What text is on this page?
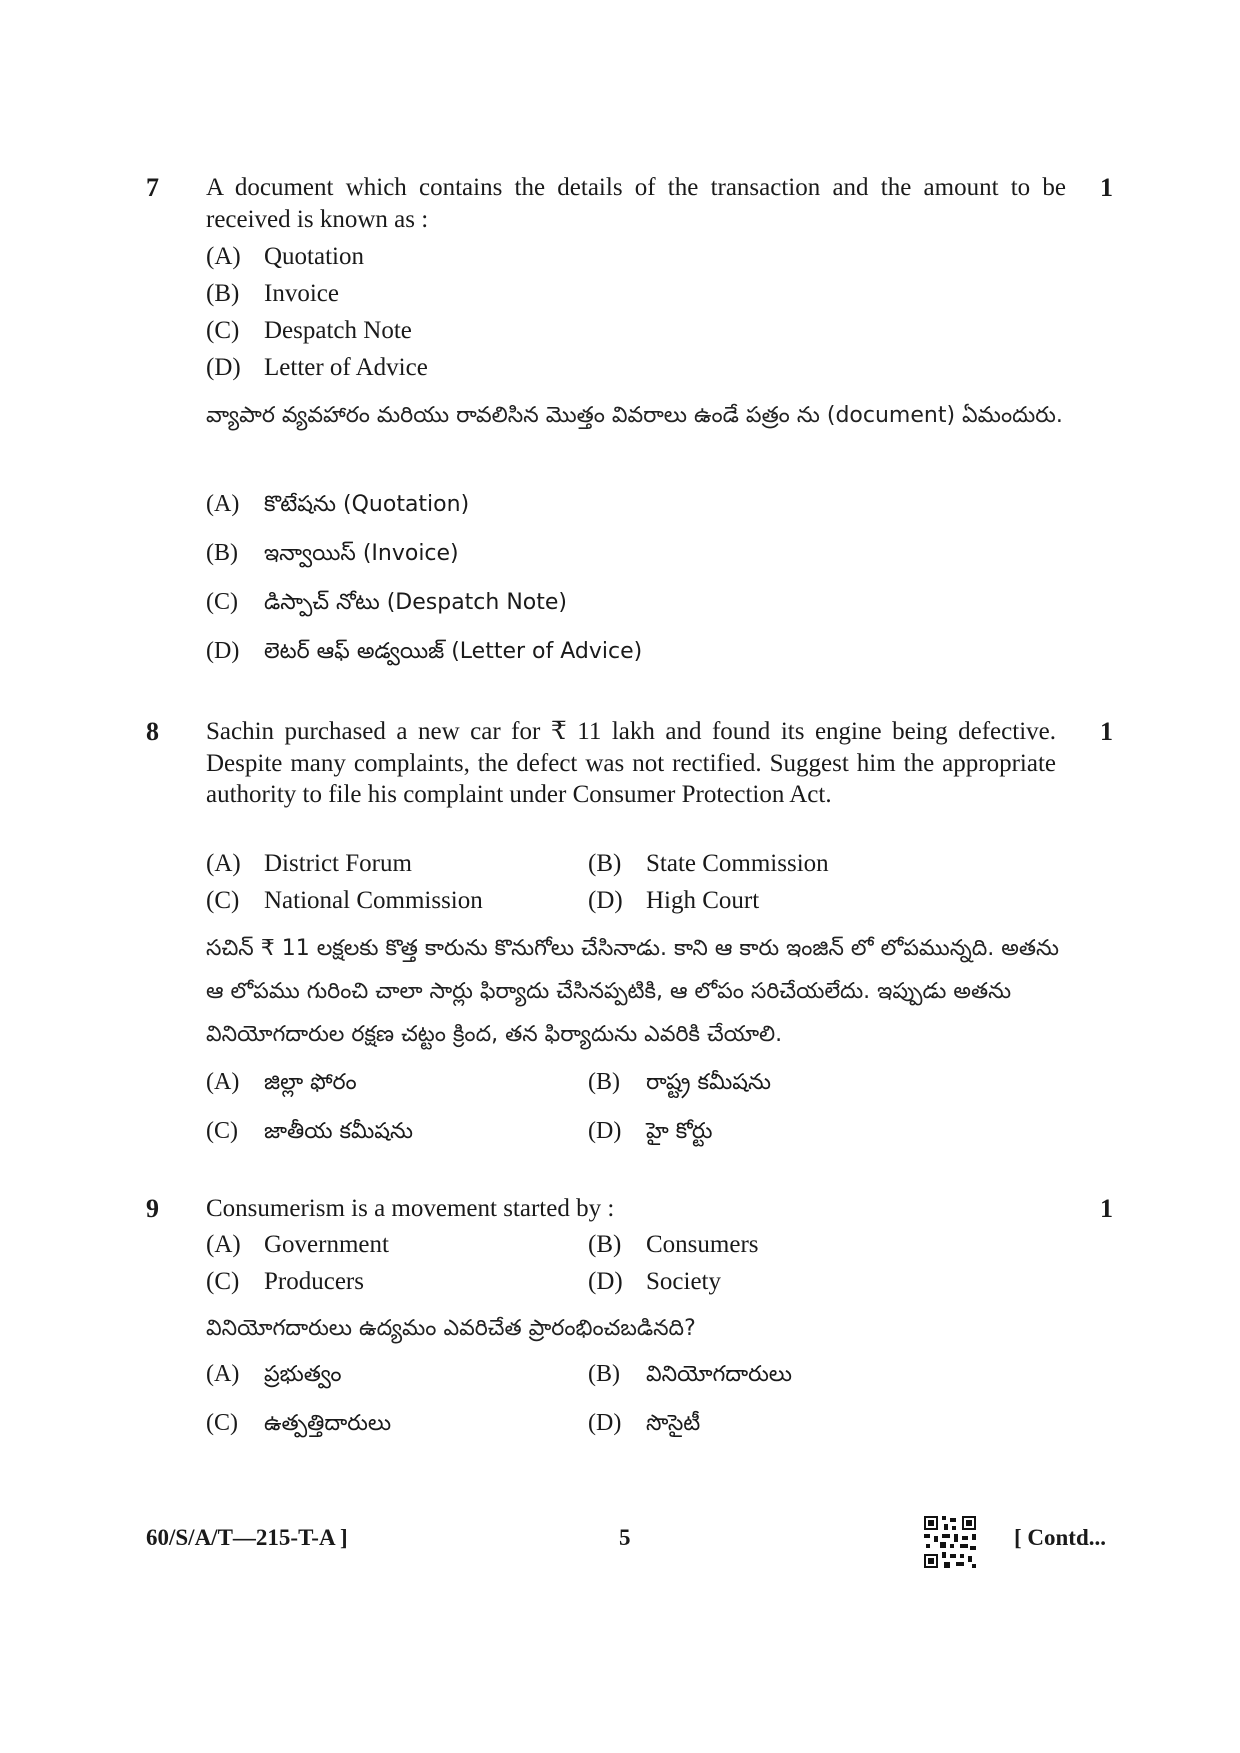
7	1
A document which contains the details of the transaction and the amount to be received is known as :
(A) Quotation
(B) Invoice
(C) Despatch Note
(D) Letter of Advice
వ్యాపార వ్యవహారం మరియు రావలిసిన మొత్తం వివరాలు ఉండే పత్రం ను (document) ఏమందురు.
(A) కొటేషను (Quotation)
(B) ఇన్వాయిస్ (Invoice)
(C) డిస్పాచ్ నోటు (Despatch Note)
(D) లెటర్ ఆఫ్ అడ్వయిజ్ (Letter of Advice)
8	1
Sachin purchased a new car for ₹ 11 lakh and found its engine being defective. Despite many complaints, the defect was not rectified. Suggest him the appropriate authority to file his complaint under Consumer Protection Act.
(A) District Forum	(B) State Commission
(C) National Commission	(D) High Court
సచిన్ ₹ 11 లక్షలకు కొత్త కారును కొనుగోలు చేసినాడు. కాని ఆ కారు ఇంజిన్ లో లోపమున్నది. అతను ఆ లోపము గురించి చాలా సార్లు ఫిర్యాదు చేసినప్పటికి, ఆ లోపం సరిచేయలేదు. ఇప్పుడు అతను వినియోగదారుల రక్షణ చట్టం క్రింద, తన ఫిర్యాదును ఎవరికి చేయాలి.
(A) జిల్లా ఫోరం	(B) రాష్ట్ర కమీషను
(C) జాతీయ కమీషను	(D) హై కోర్టు
9	1
Consumerism is a movement started by :
(A) Government	(B) Consumers
(C) Producers	(D) Society
వినియోగదారులు ఉద్యమం ఎవరిచేత ప్రారంభించబడినది?
(A) ప్రభుత్వం	(B) వినియోగదారులు
(C) ఉత్పత్తిదారులు	(D) సొసైటీ
60/S/A/T—215-T-A ]	5	[ Contd...
